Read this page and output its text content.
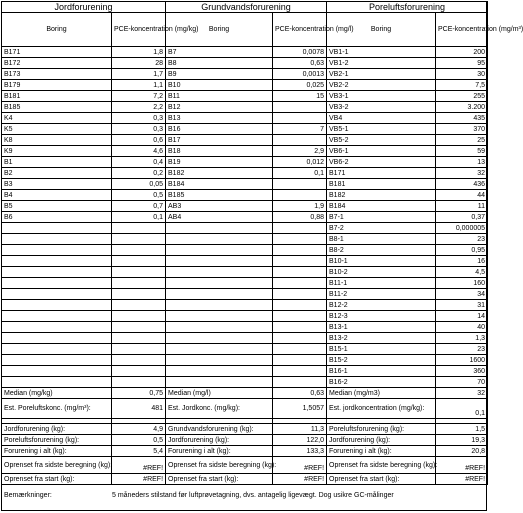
Jordforurening		Grundvandsforurening		Poreluftsforurening	
Boring	PCE-koncentration (mg/kg)	Boring	PCE-koncentration (mg/l)	Boring	PCE-koncentration (mg/m³)
B171	1,8	B7	0,0078	VB1-1	200
B172	28	B8	0,63	VB1-2	95
B173	1,7	B9	0,0013	VB2-1	30
B179	1,1	B10	0,025	VB2-2	7,5
B181	7,2	B11	15	VB3-1	255
B185	2,2	B12		VB3-2	3.200
K4	0,3	B13		VB4	435
K5	0,3	B16	7	VB5-1	370
K8	0,6	B17		VB5-2	25
K9	4,6	B18	2,9	VB6-1	59
B1	0,4	B19	0,012	VB6-2	13
B2	0,2	B182	0,1	B171	32
B3	0,05	B184		B181	436
B4	0,5	B185		B182	44
B5	0,7	AB3	1,9	B184	11
B6	0,1	AB4	0,88	B7-1	0,37
				B7-2	0,000005
				B8-1	23
				B8-2	0,95
				B10-1	16
				B10-2	4,5
				B11-1	160
				B11-2	34
				B12-2	31
				B12-3	14
				B13-1	40
				B13-2	1,3
				B15-1	23
				B15-2	1600
				B16-1	360
				B16-2	70
Median (mg/kg)	0,75	Median (mg/l)	0,63	Median (mg/m3)	32
Est. Poreluftskonc. (mg/m³):	481	Est. Jordkonc. (mg/kg):	1,5057	Est. jordkoncentration (mg/kg):	0,1

Jordforurening (kg):	4,9	Grundvandsforurening (kg):	11,3	Poreluftsforurening (kg):	1,5
Poreluftsforurening (kg):	0,5	Jordforurening (kg):	122,0	Jordforurening (kg):	19,3
Forurening i alt (kg):	5,4	Forurening i alt (kg):	133,3	Forurening i alt (kg):	20,8
Oprenset fra sidste beregning (kg):	#REF!	Oprenset fra sidste beregning (kg):	#REF!	Oprenset fra sidste beregning (kg):	#REF!
Oprenset fra start (kg):	#REF!	Oprenset fra start (kg):	#REF!	Oprenset fra start (kg):	#REF!
Bemærkninger:	5 måneders stilstand før luftprøvetagning, dvs. antagelig ligevægt. Dog usikre GC-målinger
